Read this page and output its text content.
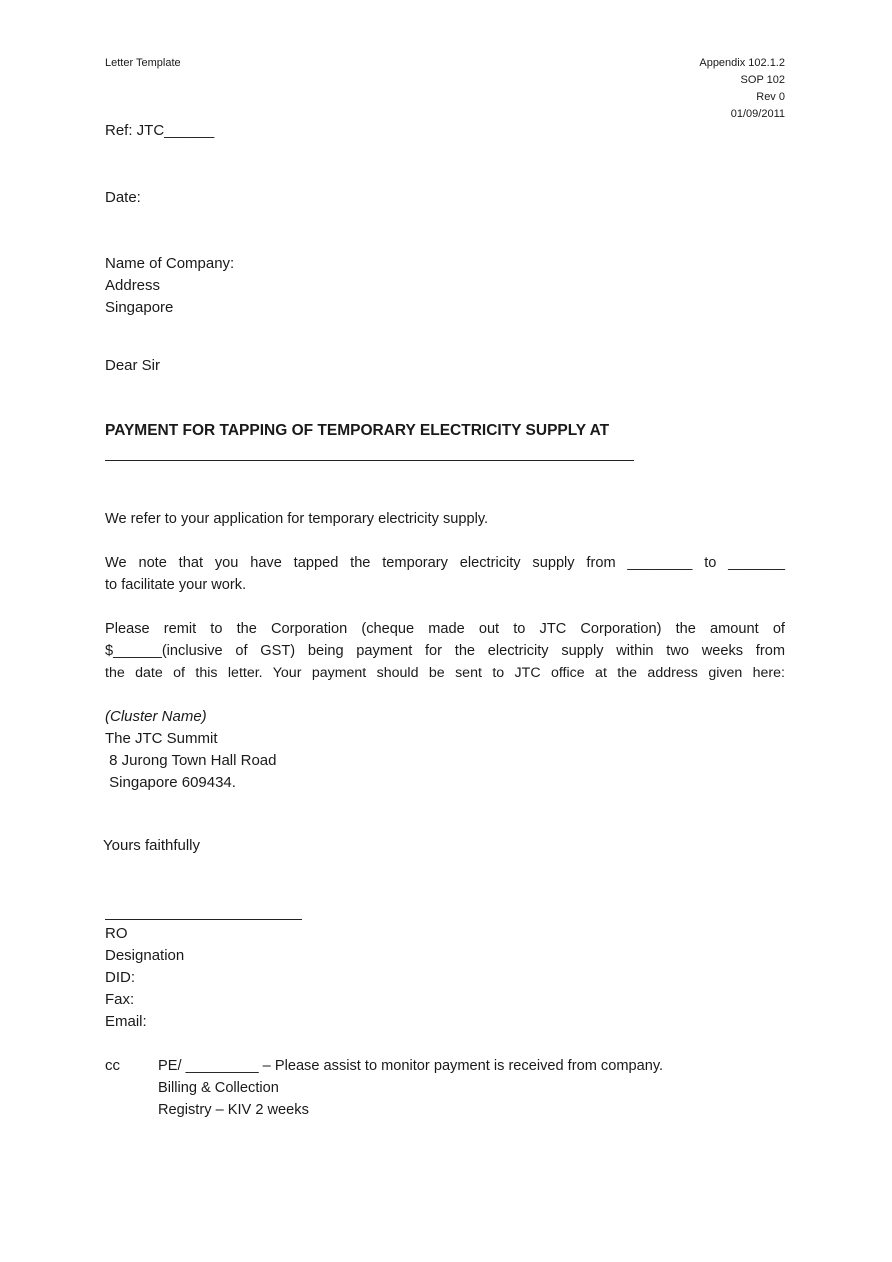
Letter Template	Appendix 102.1.2
SOP 102
Rev 0
01/09/2011
Ref: JTC______
Date:
Name of Company:
Address
Singapore
Dear Sir
PAYMENT FOR TAPPING OF TEMPORARY ELECTRICITY SUPPLY AT
We refer to your application for temporary electricity supply.
We note that you have tapped the temporary electricity supply from ________ to _______
to facilitate your work.
Please remit to the Corporation (cheque made out to JTC Corporation) the amount of
$______(inclusive of GST) being payment for the electricity supply within two weeks from
the date of this letter. Your payment should be sent to JTC office at the address given here:
(Cluster Name)
The JTC Summit
8 Jurong Town Hall Road
Singapore 609434.
Yours faithfully
RO
Designation
DID:
Fax:
Email:
cc	PE/ _________ – Please assist to monitor payment is received from company.
Billing & Collection
Registry – KIV 2 weeks
